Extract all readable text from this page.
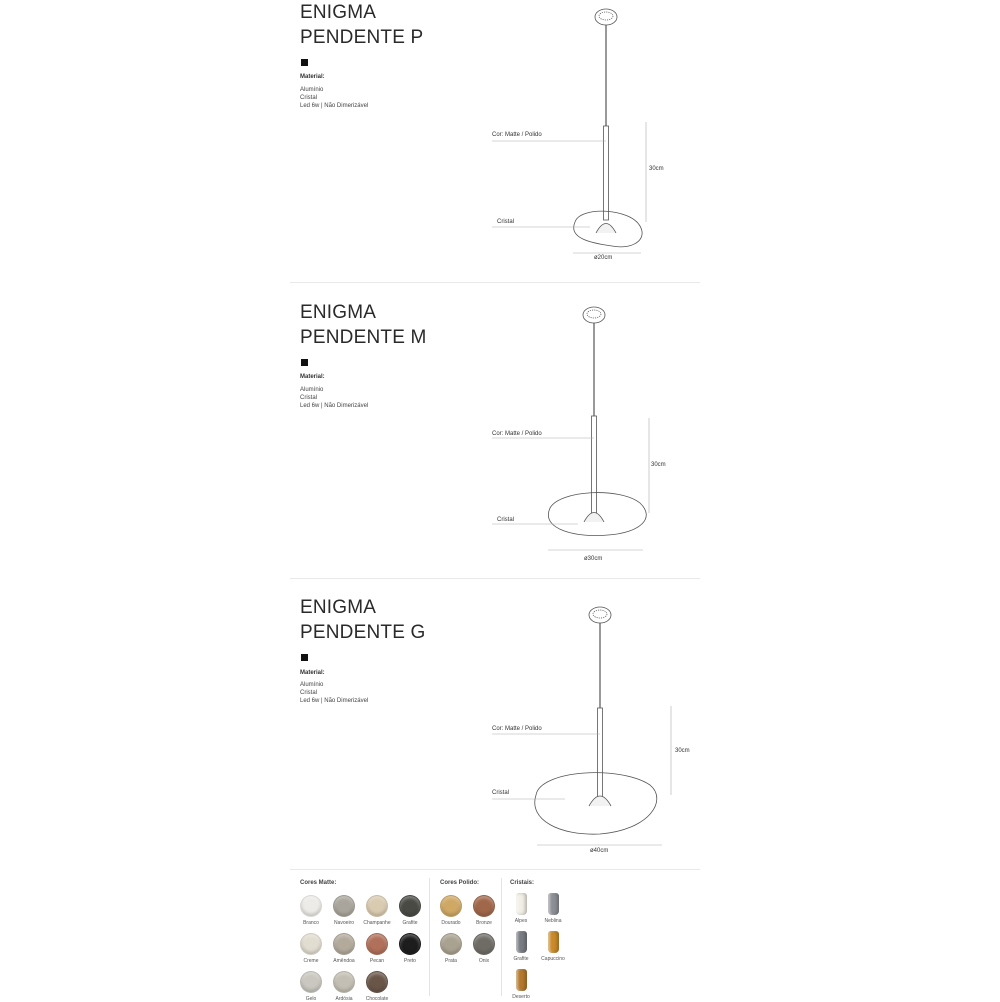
ENIGMA
PENDENTE P
Material:
Alumínio
Cristal
Led 6w | Não Dimerizável
Cor: Matte / Polido
Cristal
30cm
ø20cm
ENIGMA
PENDENTE M
Material:
Alumínio
Cristal
Led 6w | Não Dimerizável
Cor: Matte / Polido
Cristal
30cm
ø30cm
ENIGMA
PENDENTE G
Material:
Alumínio
Cristal
Led 6w | Não Dimerizável
Cor: Matte / Polido
Cristal
30cm
ø40cm
Cores Matte:	Cores Polido:	Cristais:
Branco	Navoeiro	Champanhe	Grafite
Creme	Amêndoa	Pecan	Preto
Gelo	Ardósia	Chocolate
Dourado	Bronze
Prata	Onix
Alpes	Neblina
Grafite	Capuccino
Deserto
